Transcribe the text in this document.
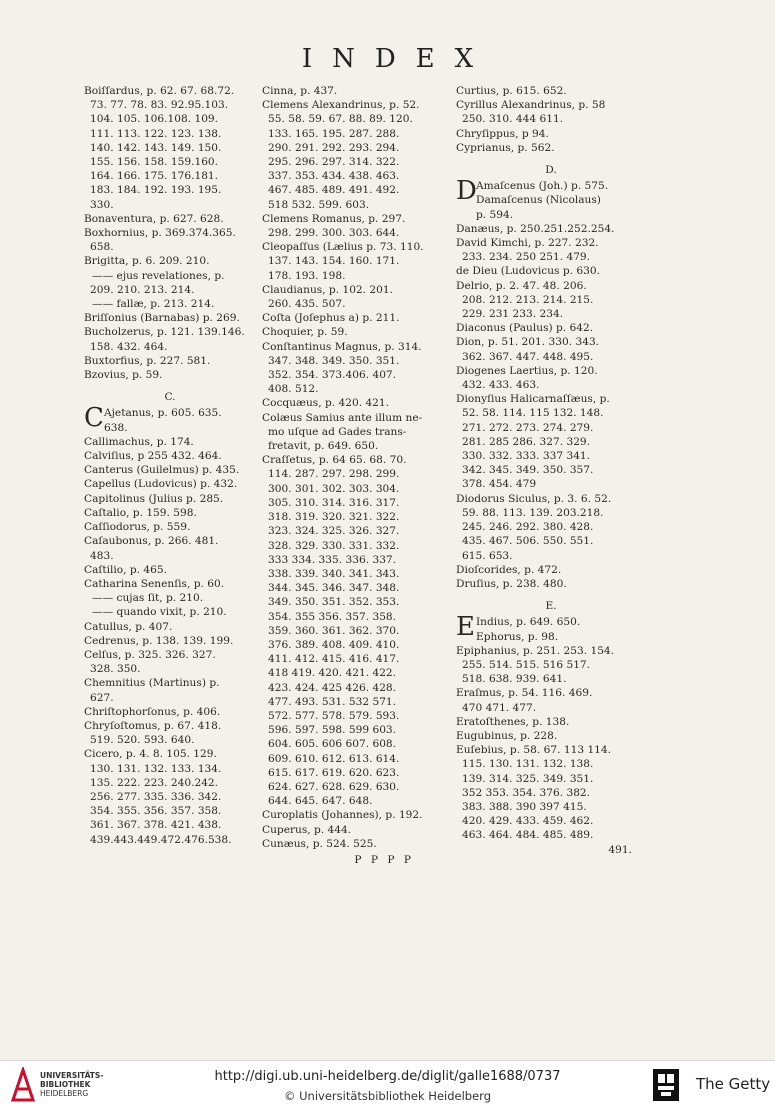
INDEX
Boiſſardus, p. 62. 67. 68.72.
73. 77. 78. 83. 92.95.103.
104. 105. 106.108. 109.
111. 113. 122. 123. 138.
140. 142. 143. 149. 150.
155. 156. 158. 159.160.
164. 166. 175. 176.181.
183. 184. 192. 193. 195.
330.
Bonaventura, p. 627. 628.
Boxhornius, p. 369.374.365.
658.
Brigitta, p. 6. 209. 210.
—— ejus revelationes, p.
209. 210. 213. 214.
—— fallæ, p. 213. 214.
Briſſonius (Barnabas) p. 269.
Bucholzerus, p. 121. 139.146.
158. 432. 464.
Buxtorfius, p. 227. 581.
Bzovius, p. 59.
C.
C Ajetanus, p. 605. 635.
638.
Callimachus, p. 174.
Calviſius, p 255 432. 464.
Canterus (Guilelmus) p. 435.
Capellus (Ludovicus) p. 432.
Capitolinus (Julius p. 285.
Caſtalio, p. 159. 598.
Caſſiodorus, p. 559.
Caſaubonus, p. 266. 481.
483.
Caſtilio, p. 465.
Catharina Senenſis, p. 60.
—— cujas ſit, p. 210.
—— quando vixit, p. 210.
Catullus, p. 407.
Cedrenus, p. 138. 139. 199.
Celſus, p. 325. 326. 327.
328. 350.
Chemnitius (Martinus) p.
627.
Chriſtophorſonus, p. 406.
Chryſoſtomus, p. 67. 418.
519. 520. 593. 640.
Cicero, p. 4. 8. 105. 129.
130. 131. 132. 133. 134.
135. 222. 223. 240.242.
256. 277. 335. 336. 342.
354. 355. 356. 357. 358.
361. 367. 378. 421. 438.
439.443.449.472.476.538.
Cinna, p. 437.
Clemens Alexandrinus, p. 52.
55. 58. 59. 67. 88. 89. 120.
133. 165. 195. 287. 288.
290. 291. 292. 293. 294.
295. 296. 297. 314. 322.
337. 353. 434. 438. 463.
467. 485. 489. 491. 492.
518 532. 599. 603.
Clemens Romanus, p. 297.
298. 299. 300. 303. 644.
Cleopaſſus (Lælius p. 73. 110.
137. 143. 154. 160. 171.
178. 193. 198.
Claudianus, p. 102. 201.
260. 435. 507.
Coſta (Joſephus a) p. 211.
Choquier, p. 59.
Conſtantinus Magnus, p. 314.
347. 348. 349. 350. 351.
352. 354. 373.406. 407.
408. 512.
Cocquæus, p. 420. 421.
Colæus Samius ante illum ne-
mo uſque ad Gades trans-
fretavit, p. 649. 650.
Craſſetus, p. 64 65. 68. 70.
114. 287. 297. 298. 299.
300. 301. 302. 303. 304.
305. 310. 314. 316. 317.
318. 319. 320. 321. 322.
323. 324. 325. 326. 327.
328. 329. 330. 331. 332.
333 334. 335. 336. 337.
338. 339. 340. 341. 343.
344. 345. 346. 347. 348.
349. 350. 351. 352. 353.
354. 355 356. 357. 358.
359. 360. 361. 362. 370.
376. 389. 408. 409. 410.
411. 412. 415. 416. 417.
418 419. 420. 421. 422.
423. 424. 425 426. 428.
477. 493. 531. 532 571.
572. 577. 578. 579. 593.
596. 597. 598. 599 603.
604. 605. 606 607. 608.
609. 610. 612. 613. 614.
615. 617. 619. 620. 623.
624. 627. 628. 629. 630.
644. 645. 647. 648.
Curoplatis (Johannes), p. 192.
Cuperus, p. 444.
Cunæus, p. 524. 525.
P P P P
Curtius, p. 615. 652.
Cyrillus Alexandrinus, p. 58
250. 310. 444 611.
Chryſippus, p 94.
Cyprianus, p. 562.
D.
D Amaſcenus (Joh.) p. 575.
Damaſcenus (Nicolaus)
p. 594.
Danæus, p. 250.251.252.254.
David Kimchi, p. 227. 232.
233. 234. 250 251. 479.
de Dieu (Ludovicus p. 630.
Delrio, p. 2. 47. 48. 206.
208. 212. 213. 214. 215.
229. 231 233. 234.
Diaconus (Paulus) p. 642.
Dion, p. 51. 201. 330. 343.
362. 367. 447. 448. 495.
Diogenes Laertius, p. 120.
432. 433. 463.
Dionyſius Halicarnaſſæus, p.
52. 58. 114. 115 132. 148.
271. 272. 273. 274. 279.
281. 285 286. 327. 329.
330. 332. 333. 337 341.
342. 345. 349. 350. 357.
378. 454. 479
Diodorus Siculus, p. 3. 6. 52.
59. 88. 113. 139. 203.218.
245. 246. 292. 380. 428.
435. 467. 506. 550. 551.
615. 653.
Dioſcorides, p. 472.
Druſius, p. 238. 480.
E.
E Indius, p. 649. 650.
Ephorus, p. 98.
Epiphanius, p. 251. 253. 154.
255. 514. 515. 516 517.
518. 638. 939. 641.
Eraſmus, p. 54. 116. 469.
470 471. 477.
Eratoſthenes, p. 138.
Eugubinus, p. 228.
Euſebius, p. 58. 67. 113 114.
115. 130. 131. 132. 138.
139. 314. 325. 349. 351.
352 353. 354. 376. 382.
383. 388. 390 397 415.
420. 429. 433. 459. 462.
463. 464. 484. 485. 489.
491.
UNIVERSITÄTS-
BIBLIOTHEK
HEIDELBERG
http://digi.ub.uni-heidelberg.de/diglit/galle1688/0737
© Universitätsbibliothek Heidelberg
The Getty
